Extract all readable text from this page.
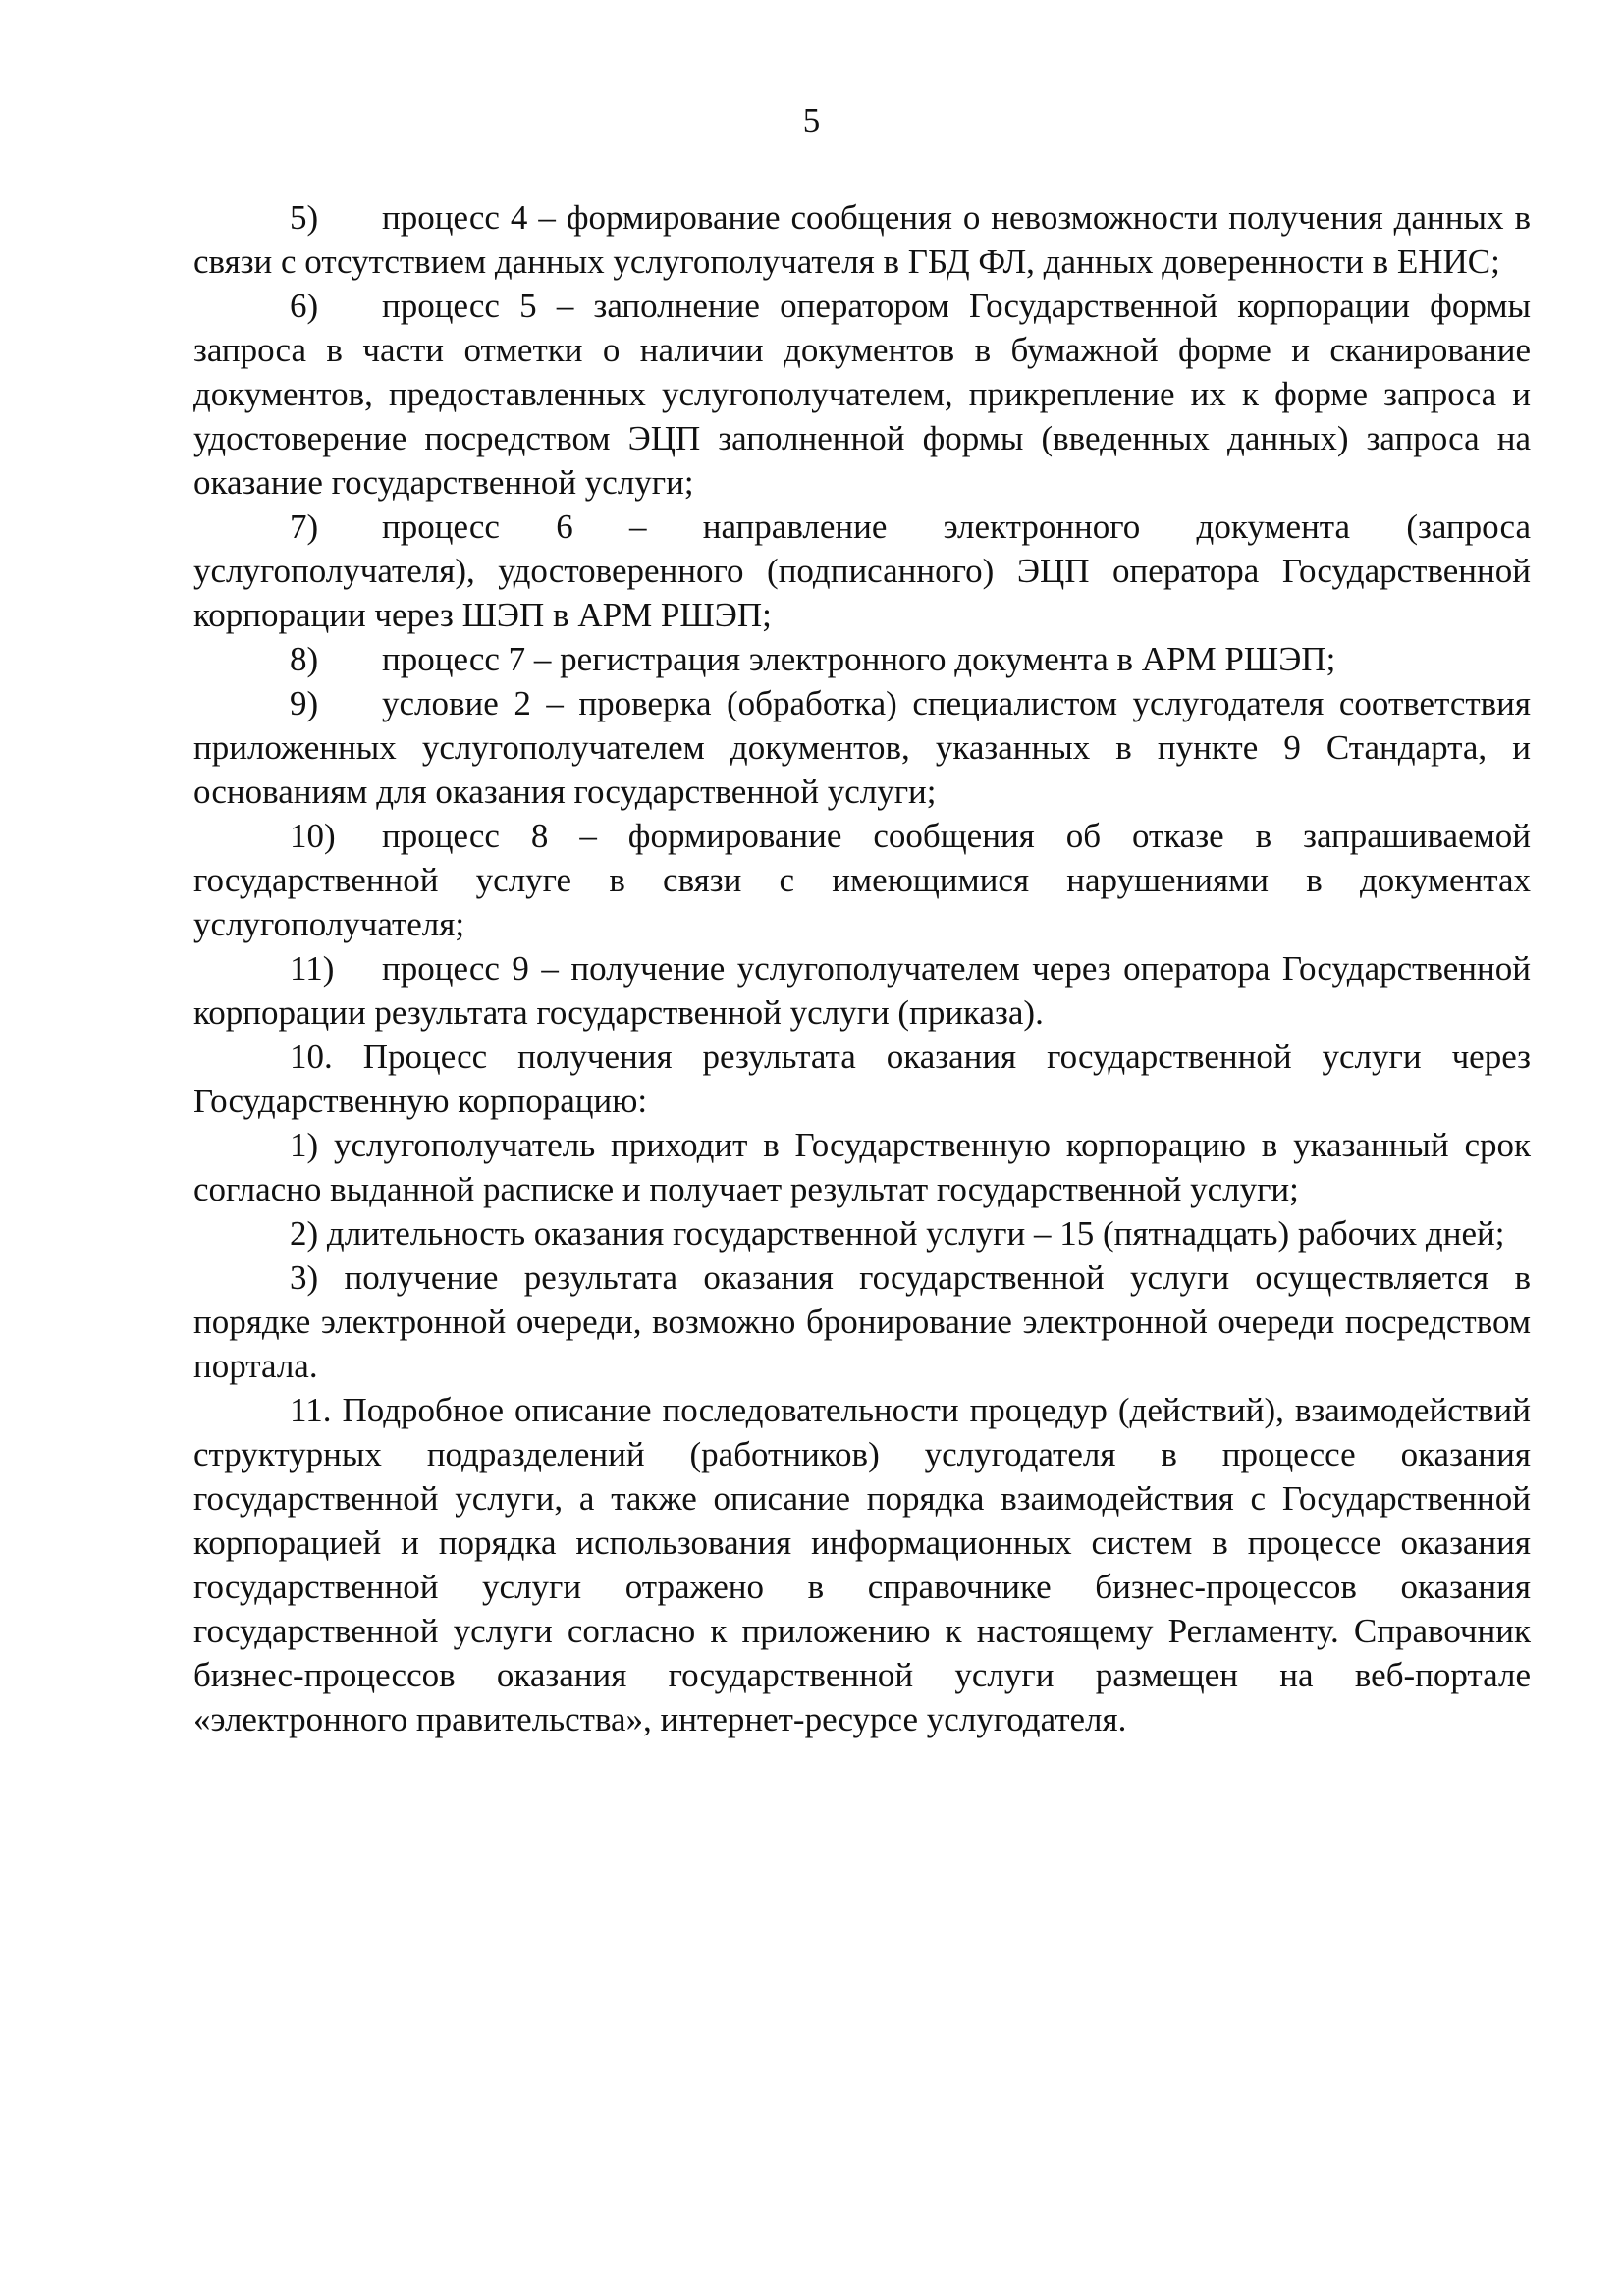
5

5) процесс 4 – формирование сообщения о невозможности получения данных в связи с отсутствием данных услугополучателя в ГБД ФЛ, данных доверенности в ЕНИС;

6) процесс 5 – заполнение оператором Государственной корпорации формы запроса в части отметки о наличии документов в бумажной форме и сканирование документов, предоставленных услугополучателем, прикрепление их к форме запроса и удостоверение посредством ЭЦП заполненной формы (введенных данных) запроса на оказание государственной услуги;

7) процесс 6 – направление электронного документа (запроса услугополучателя), удостоверенного (подписанного) ЭЦП оператора Государственной корпорации через ШЭП в АРМ РШЭП;

8) процесс 7 – регистрация электронного документа в АРМ РШЭП;

9) условие 2 – проверка (обработка) специалистом услугодателя соответствия приложенных услугополучателем документов, указанных в пункте 9 Стандарта, и основаниям для оказания государственной услуги;

10) процесс 8 – формирование сообщения об отказе в запрашиваемой государственной услуге в связи с имеющимися нарушениями в документах услугополучателя;

11) процесс 9 – получение услугополучателем через оператора Государственной корпорации результата государственной услуги (приказа).

10. Процесс получения результата оказания государственной услуги через Государственную корпорацию:

1) услугополучатель приходит в Государственную корпорацию в указанный срок согласно выданной расписке и получает результат государственной услуги;

2) длительность оказания государственной услуги – 15 (пятнадцать) рабочих дней;

3) получение результата оказания государственной услуги осуществляется в порядке электронной очереди, возможно бронирование электронной очереди посредством портала.

11. Подробное описание последовательности процедур (действий), взаимодействий структурных подразделений (работников) услугодателя в процессе оказания государственной услуги, а также описание порядка взаимодействия с Государственной корпорацией и порядка использования информационных систем в процессе оказания государственной услуги отражено в справочнике бизнес-процессов оказания государственной услуги согласно к приложению к настоящему Регламенту. Справочник бизнес-процессов оказания государственной услуги размещен на веб-портале «электронного правительства», интернет-ресурсе услугодателя.
